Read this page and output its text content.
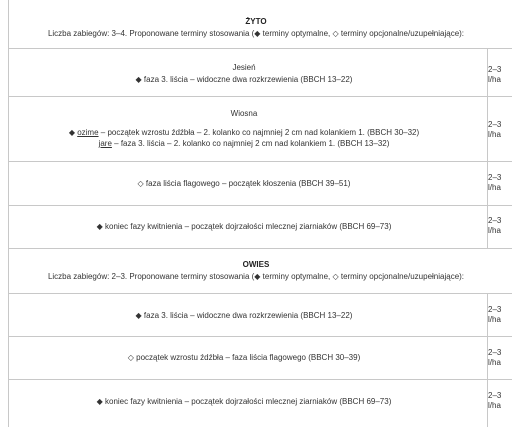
ŻYTO
Liczba zabiegów: 3–4. Proponowane terminy stosowania (◆ terminy optymalne, ◇ terminy opcjonalne/uzupełniające):
Jesień
◆ faza 3. liścia – widoczne dwa rozkrzewienia (BBCH 13–22)
2–3
l/ha
Wiosna
◆ ozime – początek wzrostu źdźbła – 2. kolanko co najmniej 2 cm nad kolankiem 1. (BBCH 30–32)
jare – faza 3. liścia – 2. kolanko co najmniej 2 cm nad kolankiem 1. (BBCH 13–32)
2–3
l/ha
◇ faza liścia flagowego – początek kłoszenia (BBCH 39–51)
2–3
l/ha
◆ koniec fazy kwitnienia – początek dojrzałości mlecznej ziarniaków (BBCH 69–73)
2–3
l/ha
OWIES
Liczba zabiegów: 2–3. Proponowane terminy stosowania (◆ terminy optymalne, ◇ terminy opcjonalne/uzupełniające):
◆ faza 3. liścia – widoczne dwa rozkrzewienia (BBCH 13–22)
2–3
l/ha
◇ początek wzrostu źdźbła – faza liścia flagowego (BBCH 30–39)
2–3
l/ha
◆ koniec fazy kwitnienia – początek dojrzałości mlecznej ziarniaków (BBCH 69–73)
2–3
l/ha
